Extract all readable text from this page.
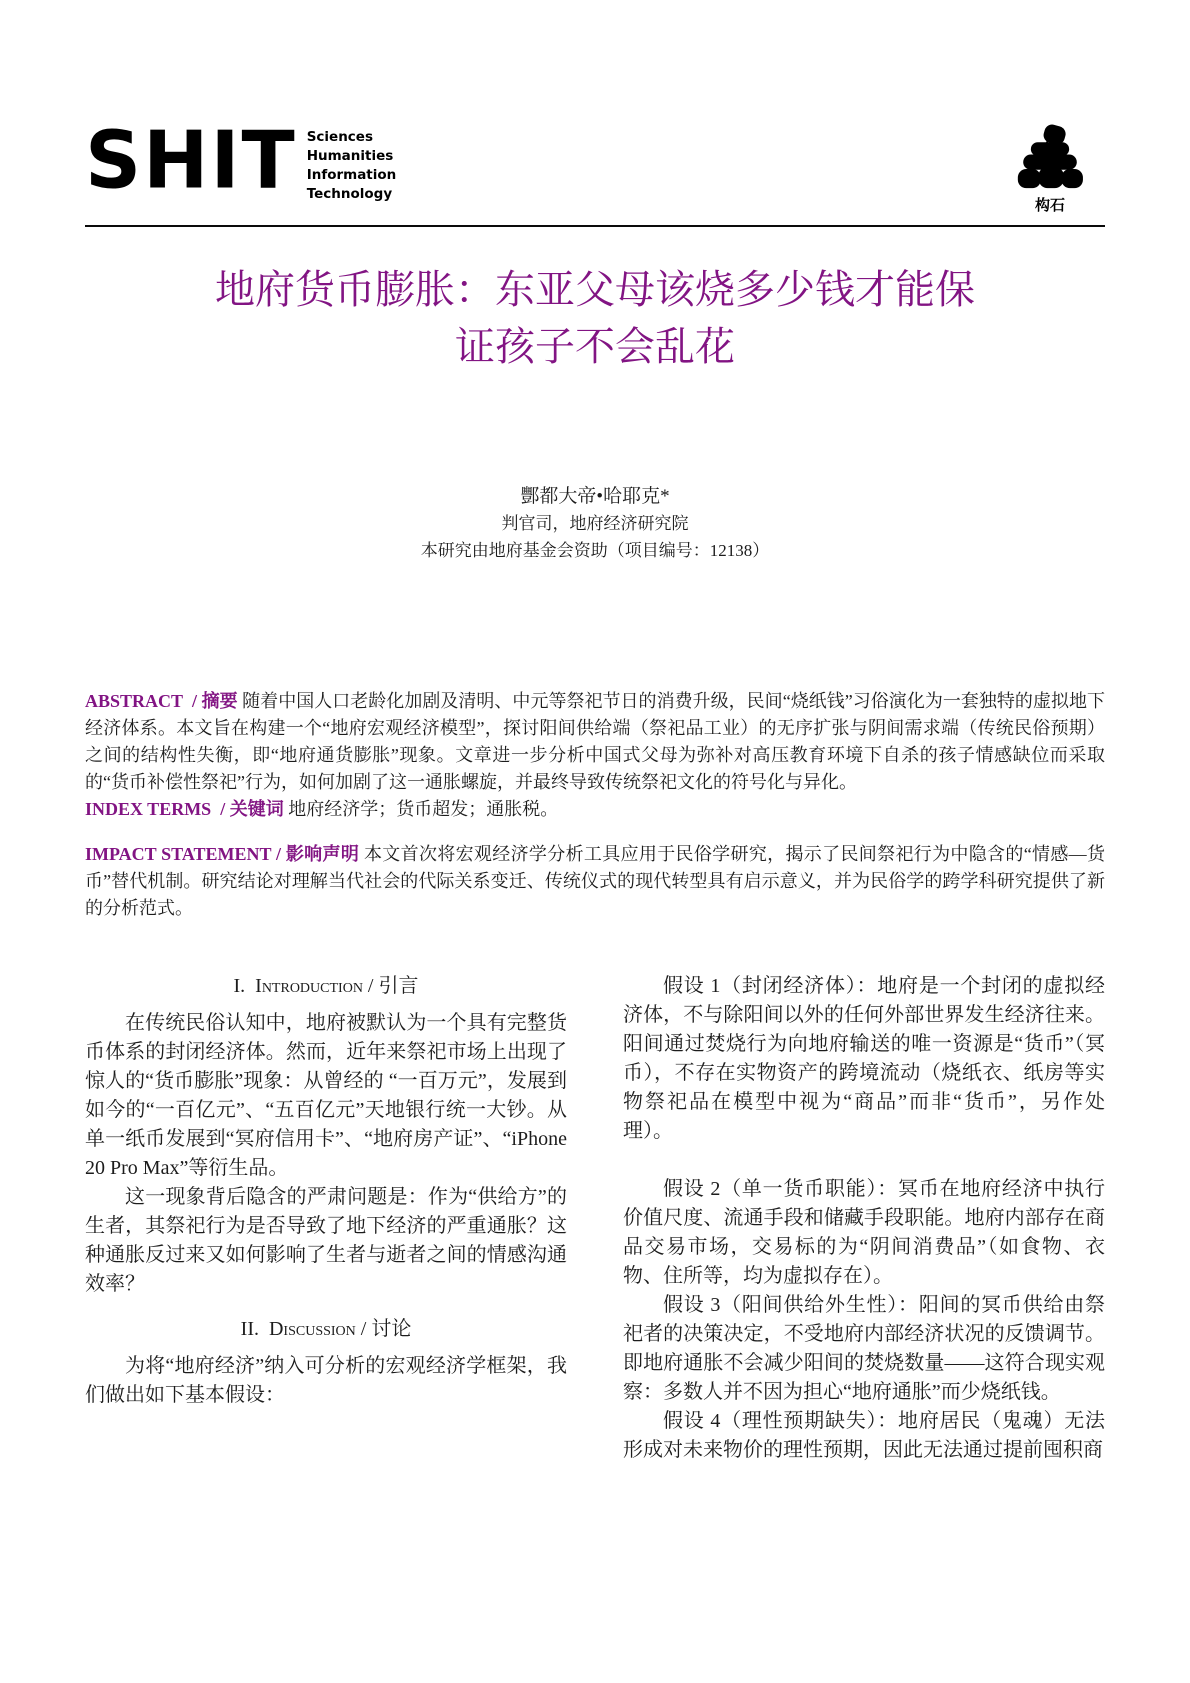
SHIT Sciences
Humanities
Information
Technology
构石
地府货币膨胀：东亚父母该烧多少钱才能保
证孩子不会乱花
酆都大帝•哈耶克*
判官司，地府经济研究院
本研究由地府基金会资助（项目编号：12138）

ABSTRACT  / 摘要 随着中国人口老龄化加剧及清明、中元等祭祀节日的消费升级，民间“烧纸钱”习俗演化为一套独特的虚拟地下经济体系。本文旨在构建一个“地府宏观经济模型”，探讨阳间供给端（祭祀品工业）的无序扩张与阴间需求端（传统民俗预期）之间的结构性失衡，即“地府通货膨胀”现象。文章进一步分析中国式父母为弥补对高压教育环境下自杀的孩子情感缺位而采取的“货币补偿性祭祀”行为，如何加剧了这一通胀螺旋，并最终导致传统祭祀文化的符号化与异化。

INDEX TERMS  / 关键词 地府经济学；货币超发；通胀税。

IMPACT STATEMENT / 影响声明 本文首次将宏观经济学分析工具应用于民俗学研究，揭示了民间祭祀行为中隐含的“情感—货币”替代机制。研究结论对理解当代社会的代际关系变迁、传统仪式的现代转型具有启示意义，并为民俗学的跨学科研究提供了新的分析范式。

I.  Introduction / 引言

在传统民俗认知中，地府被默认为一个具有完整货币体系的封闭经济体。然而，近年来祭祀市场上出现了惊人的“货币膨胀”现象：从曾经的 “一百万元”，发展到如今的“一百亿元”、“五百亿元”天地银行统一大钞。从单一纸币发展到“冥府信用卡”、“地府房产证”、“iPhone 20 Pro Max”等衍生品。

这一现象背后隐含的严肃问题是：作为“供给方”的生者，其祭祀行为是否导致了地下经济的严重通胀？这种通胀反过来又如何影响了生者与逝者之间的情感沟通效率？

II.  Discussion / 讨论

为将“地府经济”纳入可分析的宏观经济学框架，我们做出如下基本假设：

假设 1（封闭经济体）：地府是一个封闭的虚拟经济体，不与除阳间以外的任何外部世界发生经济往来。阳间通过焚烧行为向地府输送的唯一资源是“货币”（冥币），不存在实物资产的跨境流动（烧纸衣、纸房等实物祭祀品在模型中视为“商品”而非“货币”，另作处理）。

假设 2（单一货币职能）：冥币在地府经济中执行价值尺度、流通手段和储藏手段职能。地府内部存在商品交易市场，交易标的为“阴间消费品”（如食物、衣物、住所等，均为虚拟存在）。

假设 3（阳间供给外生性）：阳间的冥币供给由祭祀者的决策决定，不受地府内部经济状况的反馈调节。即地府通胀不会减少阳间的焚烧数量——这符合现实观察：多数人并不因为担心“地府通胀”而少烧纸钱。

假设 4（理性预期缺失）：地府居民（鬼魂）无法形成对未来物价的理性预期，因此无法通过提前囤积商
